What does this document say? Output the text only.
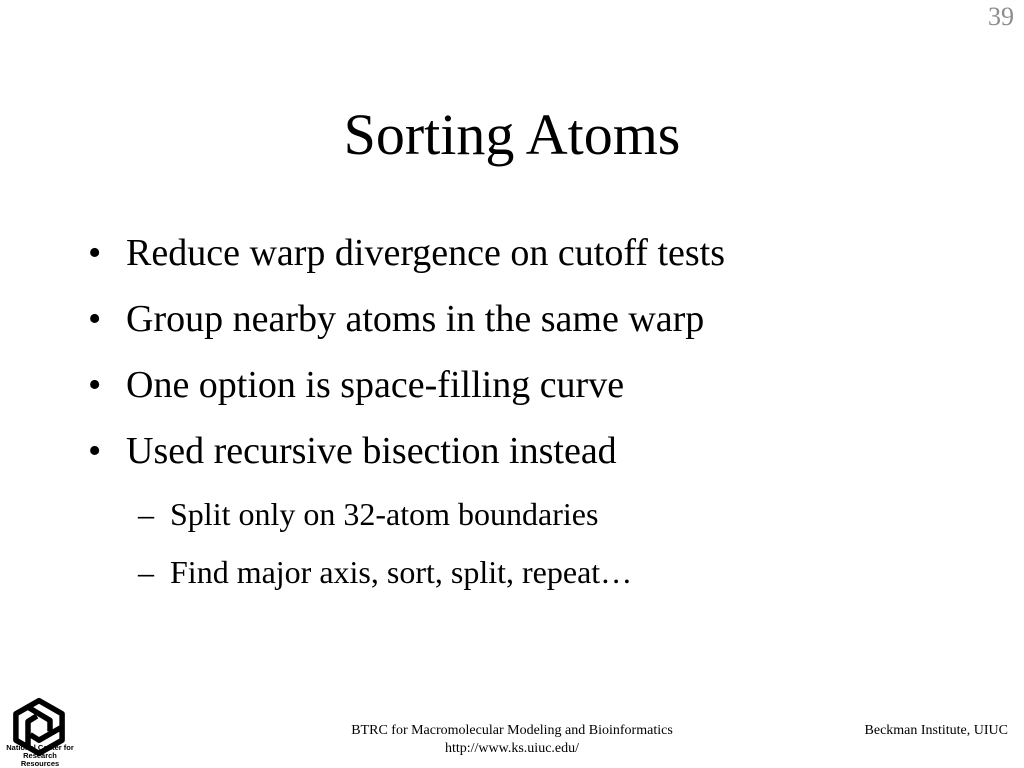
39
Sorting Atoms
• Reduce warp divergence on cutoff tests
• Group nearby atoms in the same warp
• One option is space-filling curve
• Used recursive bisection instead
– Split only on 32-atom boundaries
– Find major axis, sort, split, repeat…
National Center for
Research Resources
BTRC for Macromolecular Modeling and Bioinformatics
http://www.ks.uiuc.edu/
Beckman Institute, UIUC
